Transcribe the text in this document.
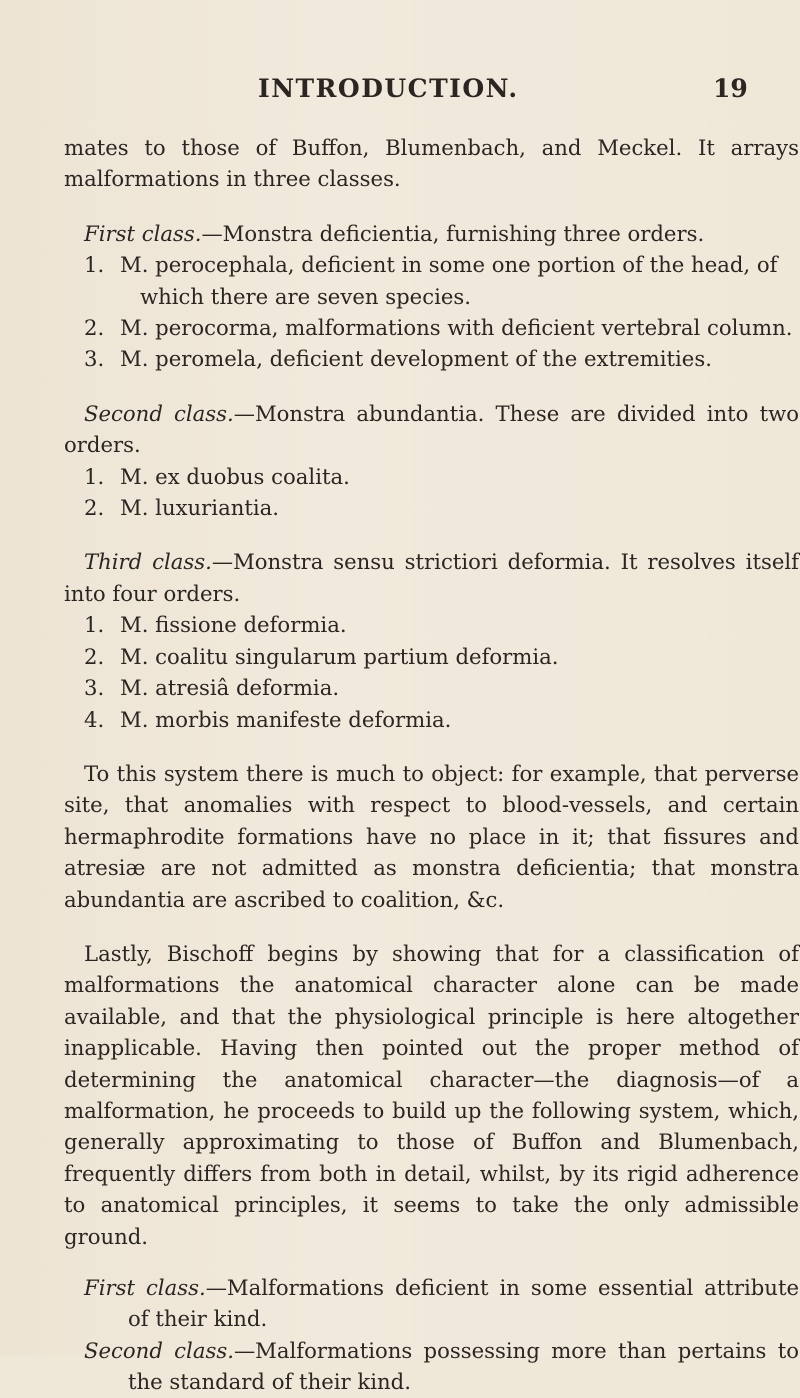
INTRODUCTION.	19

mates to those of Buffon, Blumenbach, and Meckel. It arrays malformations in three classes.

First class.—Monstra deficientia, furnishing three orders.

1. M. perocephala, deficient in some one portion of the head, of which there are seven species.

2. M. perocorma, malformations with deficient vertebral column.

3. M. peromela, deficient development of the extremities.

Second class.—Monstra abundantia. These are divided into two orders.

1. M. ex duobus coalita.

2. M. luxuriantia.

Third class.—Monstra sensu strictiori deformia. It resolves itself into four orders.

1. M. fissione deformia.

2. M. coalitu singularum partium deformia.

3. M. atresiâ deformia.

4. M. morbis manifeste deformia.

To this system there is much to object: for example, that perverse site, that anomalies with respect to blood-vessels, and certain hermaphrodite formations have no place in it; that fissures and atresiæ are not admitted as monstra deficientia; that monstra abundantia are ascribed to coalition, &c.

Lastly, Bischoff begins by showing that for a classification of malformations the anatomical character alone can be made available, and that the physiological principle is here altogether inapplicable. Having then pointed out the proper method of determining the anatomical character—the diagnosis—of a malformation, he proceeds to build up the following system, which, generally approximating to those of Buffon and Blumenbach, frequently differs from both in detail, whilst, by its rigid adherence to anatomical principles, it seems to take the only admissible ground.

First class.—Malformations deficient in some essential attribute of their kind.

Second class.—Malformations possessing more than pertains to the standard of their kind.
